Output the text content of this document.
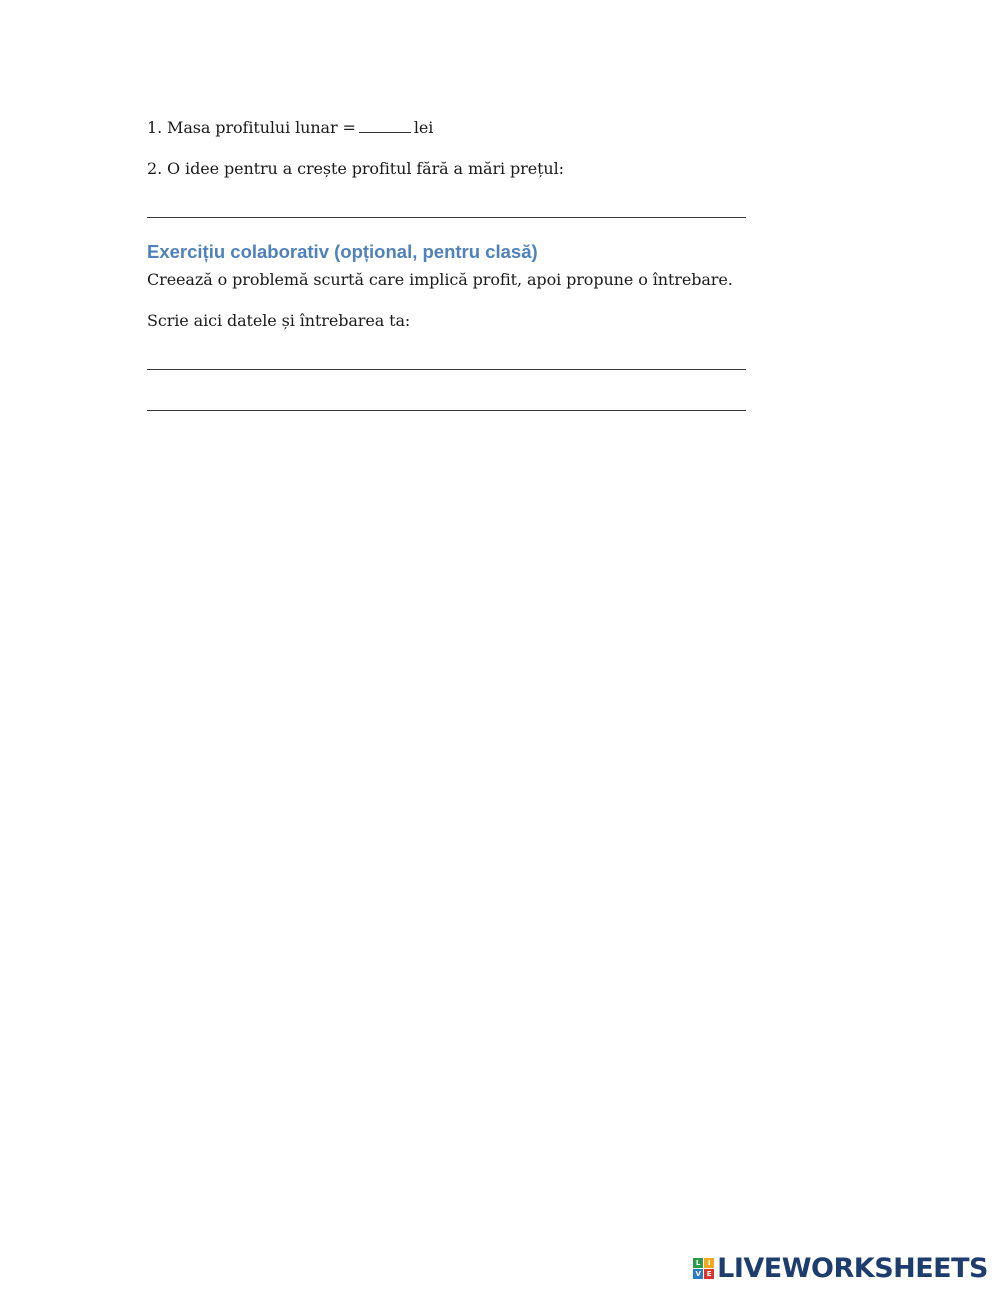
1. Masa profitului lunar =	lei
2. O idee pentru a crește profitul fără a mări prețul:
Exercițiu colaborativ (opțional, pentru clasă)
Creează o problemă scurtă care implică profit, apoi propune o întrebare.
Scrie aici datele și întrebarea ta:
L	I
V E LIVEWORKSHEETS
